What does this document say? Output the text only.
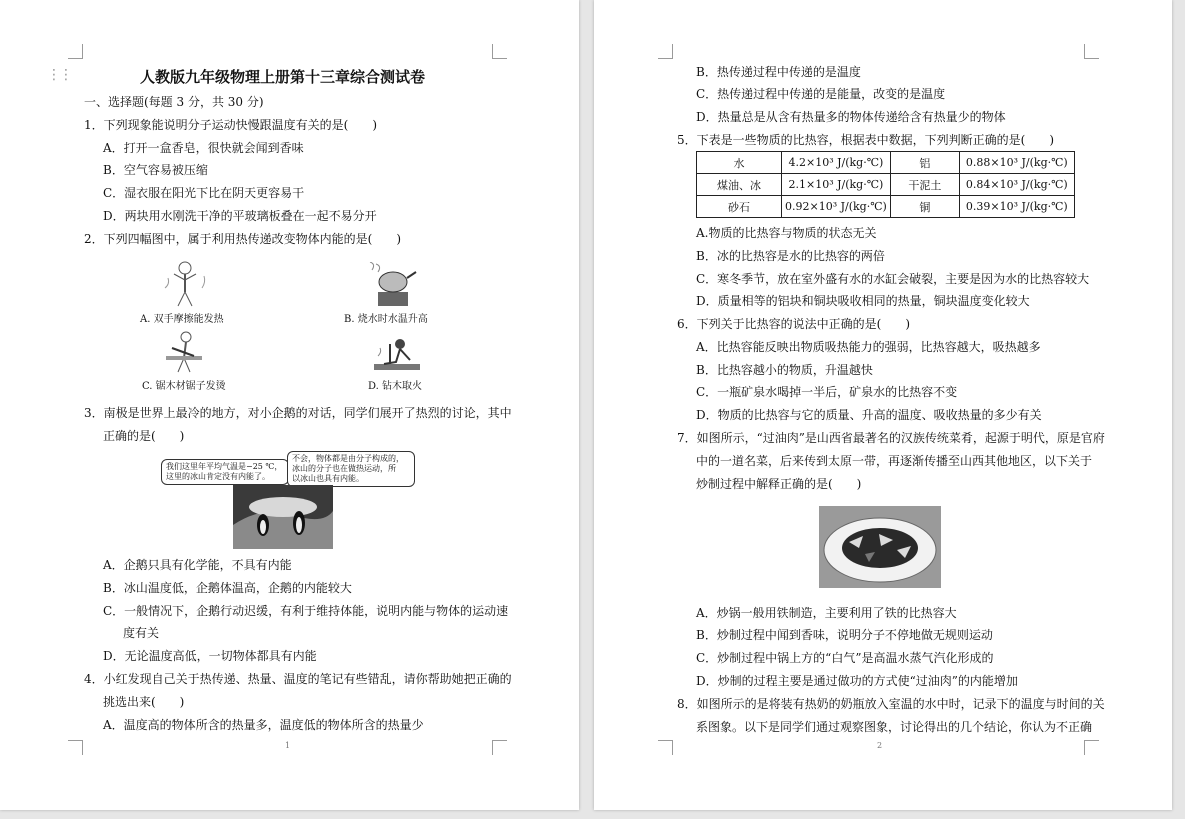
⋮⋮	人教版九年级物理上册第十三章综合测试卷
一、选择题(每题 3 分，共 30 分)
1．下列现象能说明分子运动快慢跟温度有关的是(　　)
A．打开一盒香皂，很快就会闻到香味
B．空气容易被压缩
C．湿衣服在阳光下比在阴天更容易干
D．两块用水刚洗干净的平玻璃板叠在一起不易分开
2．下列四幅图中，属于利用热传递改变物体内能的是(　　)
A. 双手摩擦能发热	B. 烧水时水温升高
C. 锯木材锯子发烫	D. 钻木取火
3．南极是世界上最冷的地方，对小企鹅的对话，同学们展开了热烈的讨论，其中
正确的是(　　)
我们这里年平均气温是−25 ℃，
这里的冰山肯定没有内能了。
不会，物体都是由分子构成的，
冰山的分子也在做热运动，所
以冰山也具有内能。
A．企鹅只具有化学能，不具有内能
B．冰山温度低，企鹅体温高，企鹅的内能较大
C．一般情况下，企鹅行动迟缓，有利于维持体能，说明内能与物体的运动速
度有关
D．无论温度高低，一切物体都具有内能
4．小红发现自己关于热传递、热量、温度的笔记有些错乱，请你帮助她把正确的
挑选出来(　　)
A．温度高的物体所含的热量多，温度低的物体所含的热量少
1	2
B．热传递过程中传递的是温度
C．热传递过程中传递的是能量，改变的是温度
D．热量总是从含有热量多的物体传递给含有热量少的物体
5．下表是一些物质的比热容，根据表中数据，下列判断正确的是(　　)
水	4.2×10³ J/(kg·℃)	铝	0.88×10³ J/(kg·℃)
煤油、冰	2.1×10³ J/(kg·℃)	干泥土	0.84×10³ J/(kg·℃)
砂石	0.92×10³ J/(kg·℃)	铜	0.39×10³ J/(kg·℃)
A.物质的比热容与物质的状态无关
B．冰的比热容是水的比热容的两倍
C．寒冬季节，放在室外盛有水的水缸会破裂，主要是因为水的比热容较大
D．质量相等的铝块和铜块吸收相同的热量，铜块温度变化较大
6．下列关于比热容的说法中正确的是(　　)
A．比热容能反映出物质吸热能力的强弱，比热容越大，吸热越多
B．比热容越小的物质，升温越快
C．一瓶矿泉水喝掉一半后，矿泉水的比热容不变
D．物质的比热容与它的质量、升高的温度、吸收热量的多少有关
7．如图所示，“过油肉”是山西省最著名的汉族传统菜肴，起源于明代，原是官府
中的一道名菜，后来传到太原一带，再逐渐传播至山西其他地区，以下关于
炒制过程中解释正确的是(　　)
A．炒锅一般用铁制造，主要利用了铁的比热容大
B．炒制过程中闻到香味，说明分子不停地做无规则运动
C．炒制过程中锅上方的“白气”是高温水蒸气汽化形成的
D．炒制的过程主要是通过做功的方式使“过油肉”的内能增加
8．如图所示的是将装有热奶的奶瓶放入室温的水中时，记录下的温度与时间的关
系图象。以下是同学们通过观察图象，讨论得出的几个结论，你认为不正确
